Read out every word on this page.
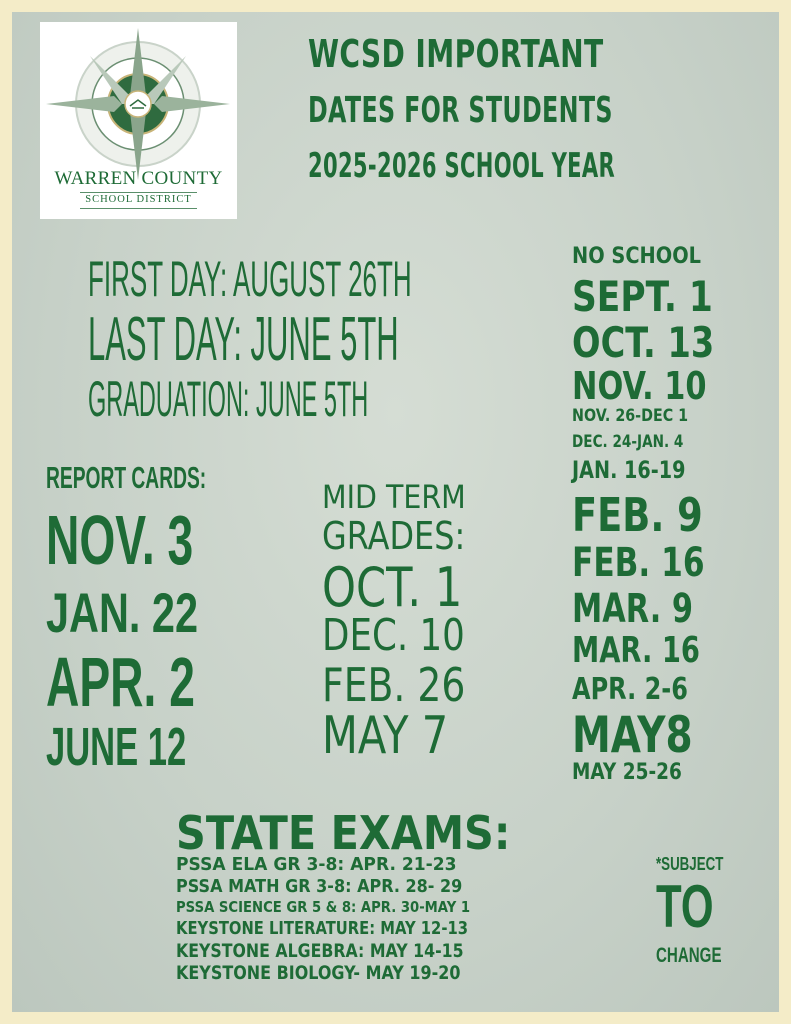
WARREN COUNTY
SCHOOL DISTRICT
WCSD IMPORTANT
DATES FOR STUDENTS
2025-2026 SCHOOL YEAR
FIRST DAY: AUGUST 26TH
LAST DAY: JUNE 5TH
GRADUATION: JUNE 5TH
REPORT CARDS:
NOV. 3
JAN. 22
APR. 2
JUNE 12
MID TERM
GRADES:
OCT. 1
DEC. 10
FEB. 26
MAY 7
NO SCHOOL
SEPT. 1
OCT. 13
NOV. 10
NOV. 26-DEC 1
DEC. 24-JAN. 4
JAN. 16-19
FEB. 9
FEB. 16
MAR. 9
MAR. 16
APR. 2-6
MAY8
MAY 25-26
STATE EXAMS:
PSSA ELA GR 3-8: APR. 21-23
PSSA MATH GR 3-8: APR. 28- 29
PSSA SCIENCE GR 5 & 8: APR. 30-MAY 1
KEYSTONE LITERATURE: MAY 12-13
KEYSTONE ALGEBRA: MAY 14-15
KEYSTONE BIOLOGY- MAY 19-20
*SUBJECT
TO
CHANGE
